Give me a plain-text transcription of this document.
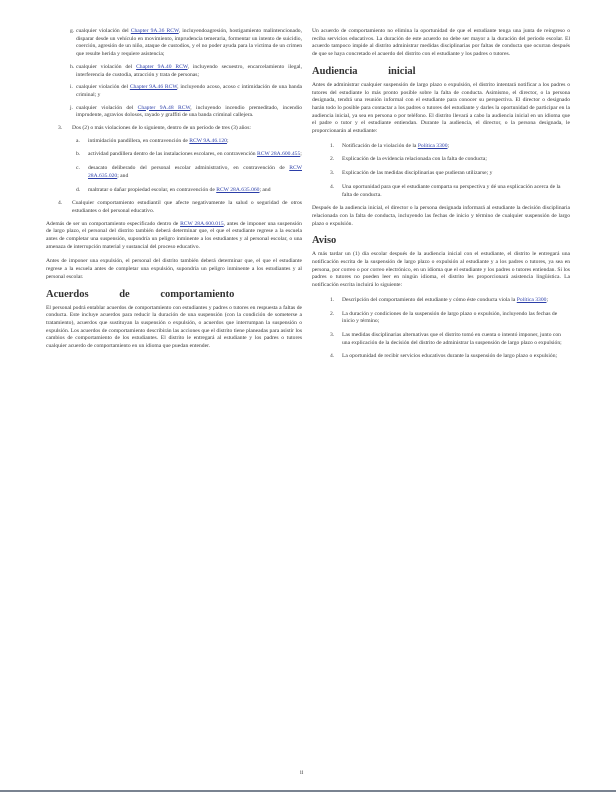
g. cualquier violación del Chapter 9A.36 RCW, incluyendoagresión, hostigamiento malintencionado, disparar desde un vehículo en movimiento, imprudencia temeraria, formentar un intento de suicidio, coerción, agresión de un niño, ataque de custodios, y el no poder ayuda para la victima de un crimen que resulte herida y requiere asistencia;
h. cualquier violación del Chapter 9A.40 RCW, incluyendo secuestro, encarcelamiento ilegal, interferencia de custodia, atracción y trata de personas;
i. cualquier violación del Chapter 9A.46 RCW, incluyendo acoso, acoso c intimidación de una banda criminal; y
j. cualquier violación del Chapter 9A.48 RCW, incluyendo incendio premeditado, incendio imprudente, agravios dolosos, rayado y graffiti de una banda criminal callejera.
3. Dos (2) o más violaciones de lo siguiente, dentro de un período de tres (3) años:
a. intimidación pandillera, en contravención de RCW 9A.46.120;
b. actividad pandillera dentro de las instalaciones escolares, en contravención RCW 28A.600.455;
c. desacato deliberado del personal escolar administrativo, en contravención de RCW 28A.635.020; and
d. maltratar o dañar propiedad escolar, en contravención de RCW 28A.635.060; and
4. Cualquier comportamiento estudiantil que afecte negativamente la salud o seguridad de otros estudiantes o del personal educativo.

Además de ser un comportamiento especificado dentro de RCW 28A.600.015, antes de imponer una suspensión de largo plazo, el personal del distrito también deberá determinar que, el que el estudiante regrese a la escuela antes de completar una suspensión, supondría un peligro inminente a los estudiantes y al personal escolar, o una amenaza de interrupción material y sustancial del proceso educativo.

Antes de imponer una expulsión, el personal del distrito también deberá determinar que, el que el estudiante regrese a la escuela antes de completar una expulsión, supondría un peligro inminente a los estudiantes y al personal escolar.

Acuerdos de comportamiento

El personal podrá entablar acuerdos de comportamiento con estudiantes y padres o tutores en respuesta a faltas de conducta. Este incluye acuerdos para reducir la duración de una suspensión (con la condición de someterse a tratamiento), acuerdos que sustituyan la suspensión o expulsión, o acuerdos que interrumpan la suspensión o expulsión. Los acuerdos de comportamiento describirán las acciones que el distrito tiene planeadas para asistir los cambios de comportamiento de los estudiantes. El distrito le entregará al estudiante y los padres o tutores cualquier acuerdo de comportamiento en un idioma que puedan entender.

Un acuerdo de comportamiento no elimina la oportunidad de que el estudiante tenga una junta de reingreso o reciba servicios educativos. La duración de este acuerdo no debe ser mayor a la duración del periodo escolar. El acuerdo tampoco impide al distrito administrar medidas disciplinarias por faltas de conducta que ocurran después de que se haya concretado el acuerdo del distrito con el estudiante y los padres o tutores.

Audiencia inicial

Antes de administrar cualquier suspensión de largo plazo o expulsión, el distrito intentará notificar a los padres o tutores del estudiante lo más pronto posible sobre la falta de conducta. Asimismo, el director, o la persona designada, tendrá una reunión informal con el estudiante para conocer su perspectiva. El director o designado harán todo lo posible para contactar a los padres o tutores del estudiante y darles la oportunidad de participar en la audiencia inicial, ya sea en persona o por teléfono. El distrito llevará a cabo la audiencia inicial en un idioma que el padre o tutor y el estudiante entiendan. Durante la audiencia, el director, o la persona designada, le proporcionarán al estudiante:

1. Notificación de la violación de la Política 3300;
2. Explicación de la evidencia relacionada con la falta de conducta;
3. Explicación de las medidas disciplinarias que pudieran utilizarse; y
4. Una oportunidad para que el estudiante comparta su perspectiva y dé una explicación acerca de la falta de conducta.

Después de la audiencia inicial, el director o la persona designada informará al estudiante la decisión disciplinaria relacionada con la falta de conducta, incluyendo las fechas de inicio y término de cualquier suspensión de largo plazo o expulsión.

Aviso

A más tardar un (1) día escolar después de la audiencia inicial con el estudiante, el distrito le entregará una notificación escrita de la suspensión de largo plazo o expulsión al estudiante y a los padres o tutores, ya sea en persona, por correo o por correo electrónico, en un idioma que el estudiante y los padres o tutores entiendan. Si los padres o tutores no pueden leer en ningún idioma, el distrito les proporcionará asistencia lingüística. La notificación escrita incluirá lo siguiente:

1. Descripción del comportamiento del estudiante y cómo éste conducta viola la Política 3300;
2. La duración y condiciones de la suspensión de largo plazo o expulsión, incluyendo las fechas de inicio y término;
3. Las medidas disciplinarias alternativas que el distrito tomó en cuenta o intentó imponer, junto con una explicación de la decisión del distrito de administrar la suspensión de largo plazo o expulsión;
4. La oportunidad de recibir servicios educativos durante la suspensión de largo plazo o expulsión;
ii
